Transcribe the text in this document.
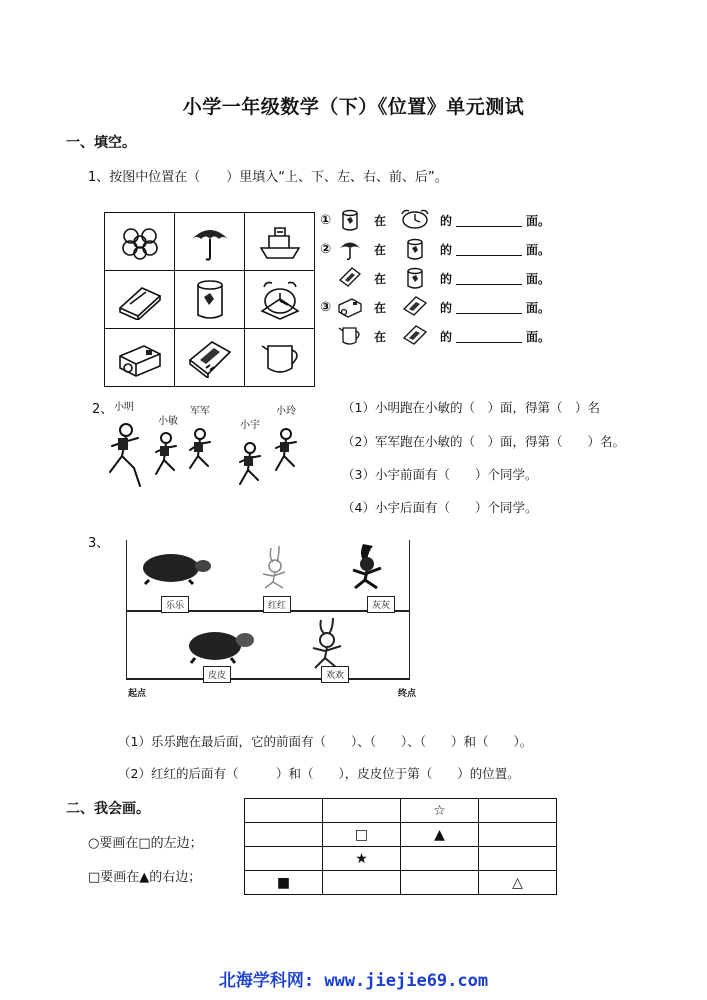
小学一年级数学（下）《位置》单元测试
一、填空。
1、按图中位置在（　　）里填入“上、下、左、右、前、后”。

①	在	的	面。
②	在	的	面。
在	的	面。
③	在	的	面。
在	的	面。
2、 小明
小敏
军军
小宇
小玲	（1）小明跑在小敏的（　）面，得第（　）名
（2）军军跑在小敏的（　）面，得第（　　）名。
（3）小宇前面有（　　）个同学。
（4）小宇后面有（　　）个同学。
3、
乐乐	红红	灰灰
皮皮	欢欢
起点	终点
（1）乐乐跑在最后面，它的前面有（　　）、（　　）、（　　）和（　　）。
（2）红红的后面有（　　　）和（　　），皮皮位于第（　　）的位置。
二、我会画。
○要画在□的左边；
□要画在▲的右边；
		☆	
	□	▲	
	★		
■			△
北海学科网: www.jiejie69.com
